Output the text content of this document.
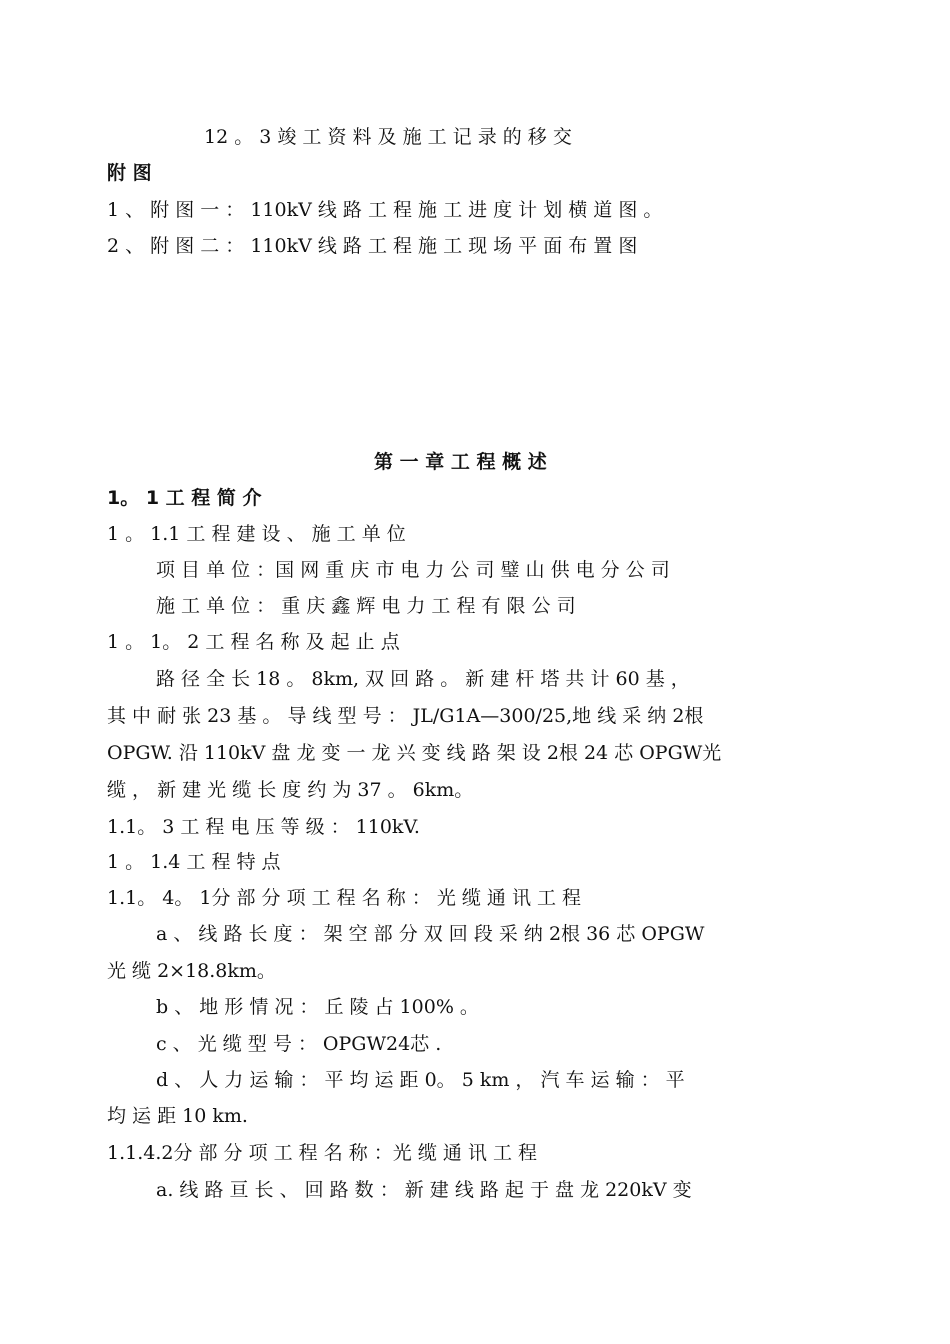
12 。 3 竣 工 资 料 及 施 工 记 录 的 移 交
附 图
1 、 附 图 一 ： 110kV 线 路 工 程 施 工 进 度 计 划 横 道 图 。
2 、 附 图 二 ： 110kV 线 路 工 程 施 工 现 场 平 面 布 置 图
第 一 章 工 程 概 述
1。 1 工 程 简 介
1 。 1.1 工 程 建 设 、 施 工 单 位
项 目 单 位 ：国 网 重 庆 市 电 力 公 司 璧 山 供 电 分 公 司
施 工 单 位 ： 重 庆 鑫 辉 电 力 工 程 有 限 公 司
1 。 1。 2 工 程 名 称 及 起 止 点
路 径 全 长 18 。 8km, 双 回 路 。 新 建 杆 塔 共 计 60 基 ，
其 中 耐 张 23 基 。 导 线 型 号 ： JL/G1A—300/25,地 线 采 纳 2根
OPGW. 沿 110kV 盘 龙 变 一 龙 兴 变 线 路 架 设 2根 24 芯 OPGW光
缆 ， 新 建 光 缆 长 度 约 为 37 。 6km。
1.1。 3 工 程 电 压 等 级 ： 110kV.
1 。 1.4 工 程 特 点
1.1。 4。 1分 部 分 项 工 程 名 称 ： 光 缆 通 讯 工 程
a 、 线 路 长 度 ： 架 空 部 分 双 回 段 采 纳 2根 36 芯 OPGW
光 缆 2×18.8km。
b 、 地 形 情 况 ： 丘 陵 占 100% 。
c 、 光 缆 型 号 ： OPGW24芯 .
d 、 人 力 运 输 ： 平 均 运 距 0。 5 km ， 汽 车 运 输 ： 平
均 运 距 10 km.
1.1.4.2分 部 分 项 工 程 名 称 ：光 缆 通 讯 工 程
a. 线 路 亘 长 、 回 路 数 ： 新 建 线 路 起 于 盘 龙 220kV 变
